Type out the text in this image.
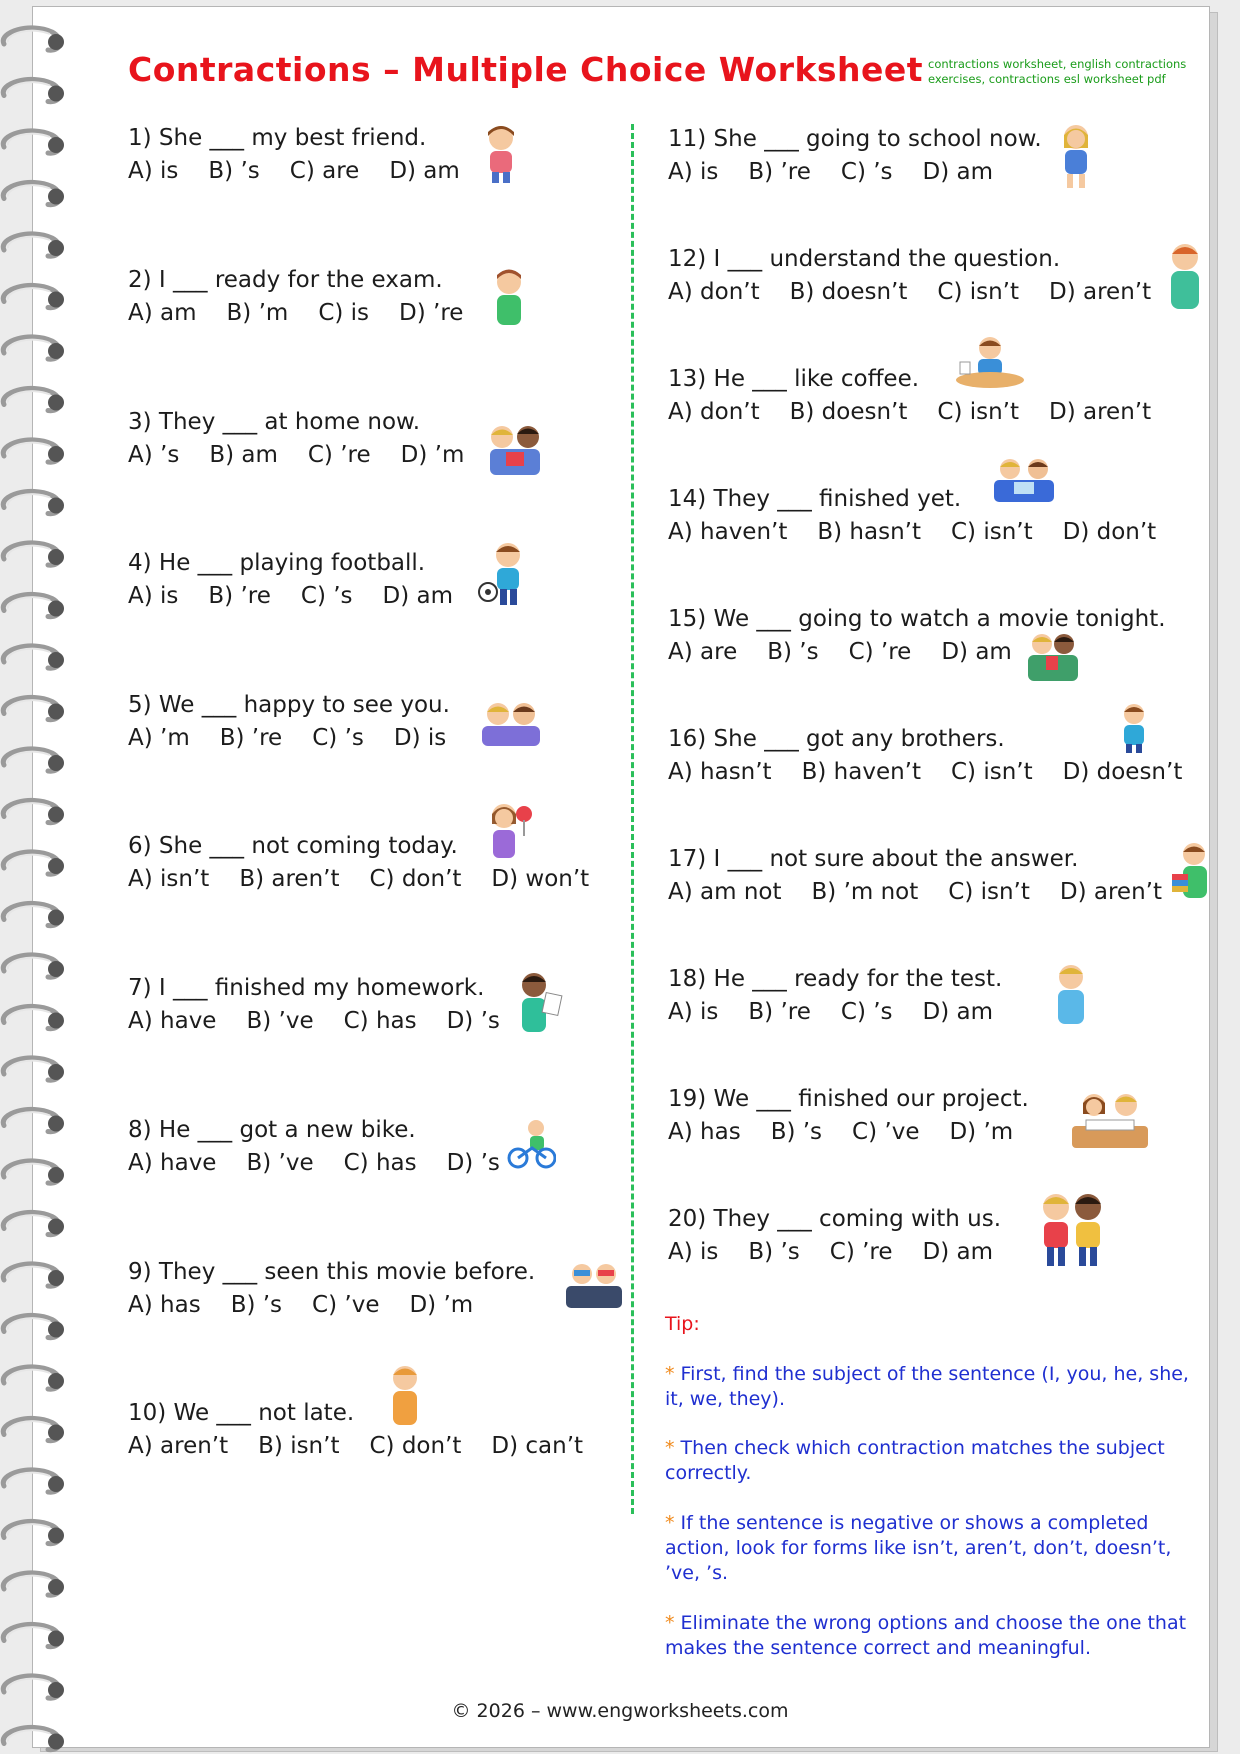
Contractions – Multiple Choice Worksheet contractions worksheet, english contractions exercises, contractions esl worksheet pdf
1) She ___ my best friend.
A) is B) ’s C) are D) am
2) I ___ ready for the exam.
A) am B) ’m C) is D) ’re
3) They ___ at home now.
A) ’s B) am C) ’re D) ’m
4) He ___ playing football.
A) is B) ’re C) ’s D) am
5) We ___ happy to see you.
A) ’m B) ’re C) ’s D) is
6) She ___ not coming today.
A) isn’t B) aren’t C) don’t D) won’t
7) I ___ finished my homework.
A) have B) ’ve C) has D) ’s
8) He ___ got a new bike.
A) have B) ’ve C) has D) ’s
9) They ___ seen this movie before.
A) has B) ’s C) ’ve D) ’m
10) We ___ not late.
A) aren’t B) isn’t C) don’t D) can’t
11) She ___ going to school now.
A) is B) ’re C) ’s D) am
12) I ___ understand the question.
A) don’t B) doesn’t C) isn’t D) aren’t
13) He ___ like coffee.
A) don’t B) doesn’t C) isn’t D) aren’t
14) They ___ finished yet.
A) haven’t B) hasn’t C) isn’t D) don’t
15) We ___ going to watch a movie tonight.
A) are B) ’s C) ’re D) am
16) She ___ got any brothers.
A) hasn’t B) haven’t C) isn’t D) doesn’t
17) I ___ not sure about the answer.
A) am not B) ’m not C) isn’t D) aren’t
18) He ___ ready for the test.
A) is B) ’re C) ’s D) am
19) We ___ finished our project.
A) has B) ’s C) ’ve D) ’m
20) They ___ coming with us.
A) is B) ’s C) ’re D) am
Tip:
* First, find the subject of the sentence (I, you, he, she, it, we, they).
* Then check which contraction matches the subject correctly.
* If the sentence is negative or shows a completed action, look for forms like isn’t, aren’t, don’t, doesn’t, ’ve, ’s.
* Eliminate the wrong options and choose the one that makes the sentence correct and meaningful.
© 2026 – www.engworksheets.com
